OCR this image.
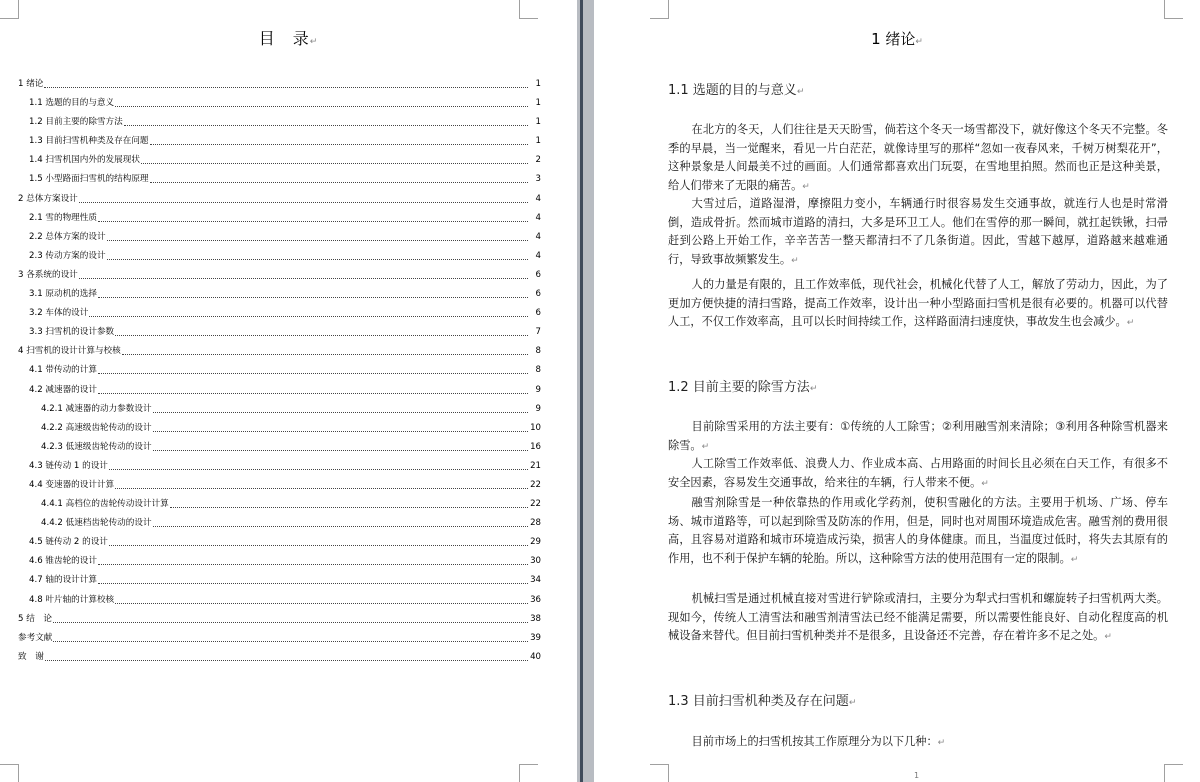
目　录↵
1 绪论	1
1.1 选题的目的与意义	1
1.2 目前主要的除雪方法	1
1.3 目前扫雪机种类及存在问题	1
1.4 扫雪机国内外的发展现状	2
1.5 小型路面扫雪机的结构原理	3
2 总体方案设计	4
2.1 雪的物理性质	4
2.2 总体方案的设计	4
2.3 传动方案的设计	4
3 各系统的设计	6
3.1 原动机的选择	6
3.2 车体的设计	6
3.3 扫雪机的设计参数	7
4 扫雪机的设计计算与校核	8
4.1 带传动的计算	8
4.2 减速器的设计	9
4.2.1 减速器的动力参数设计	9
4.2.2 高速级齿轮传动的设计	10
4.2.3 低速级齿轮传动的设计	16
4.3 链传动 1 的设计	21
4.4 变速器的设计计算	22
4.4.1 高档位的齿轮传动设计计算	22
4.4.2 低速档齿轮传动的设计	28
4.5 链传动 2 的设计	29
4.6 锥齿轮的设计	30
4.7 轴的设计计算	34
4.8 叶片轴的计算校核	36
5 结　论	38
参考文献	39
致　谢	40
1 绪论↵
1.1 选题的目的与意义↵
在北方的冬天，人们往往是天天盼雪，倘若这个冬天一场雪都没下，就好像这个冬天不完整。冬季的早晨，当一觉醒来，看见一片白茫茫，就像诗里写的那样“忽如一夜春风来，千树万树梨花开”，这种景象是人间最美不过的画面。人们通常都喜欢出门玩耍，在雪地里拍照。然而也正是这种美景，给人们带来了无限的痛苦。↵
大雪过后，道路湿滑，摩擦阻力变小，车辆通行时很容易发生交通事故，就连行人也是时常滑倒，造成骨折。然而城市道路的清扫，大多是环卫工人。他们在雪停的那一瞬间，就扛起铁锹，扫帚赶到公路上开始工作，辛辛苦苦一整天都清扫不了几条街道。因此，雪越下越厚，道路越来越难通行，导致事故频繁发生。↵
人的力量是有限的，且工作效率低，现代社会，机械化代替了人工，解放了劳动力，因此，为了更加方便快捷的清扫雪路，提高工作效率，设计出一种小型路面扫雪机是很有必要的。机器可以代替人工，不仅工作效率高，且可以长时间持续工作，这样路面清扫速度快，事故发生也会减少。↵
1.2 目前主要的除雪方法↵
目前除雪采用的方法主要有：①传统的人工除雪；②利用融雪剂来清除；③利用各种除雪机器来除雪。↵
人工除雪工作效率低、浪费人力、作业成本高、占用路面的时间长且必须在白天工作，有很多不安全因素，容易发生交通事故，给来往的车辆，行人带来不便。↵
融雪剂除雪是一种依靠热的作用或化学药剂，使积雪融化的方法。主要用于机场、广场、停车场、城市道路等，可以起到除雪及防冻的作用，但是，同时也对周围环境造成危害。融雪剂的费用很高，且容易对道路和城市环境造成污染，损害人的身体健康。而且，当温度过低时，将失去其原有的作用，也不利于保护车辆的轮胎。所以，这种除雪方法的使用范围有一定的限制。↵
机械扫雪是通过机械直接对雪进行铲除或清扫，主要分为犁式扫雪机和螺旋转子扫雪机两大类。现如今，传统人工清雪法和融雪剂清雪法已经不能满足需要，所以需要性能良好、自动化程度高的机械设备来替代。但目前扫雪机种类并不是很多，且设备还不完善，存在着许多不足之处。↵
1.3 目前扫雪机种类及存在问题↵
目前市场上的扫雪机按其工作原理分为以下几种：↵
1
